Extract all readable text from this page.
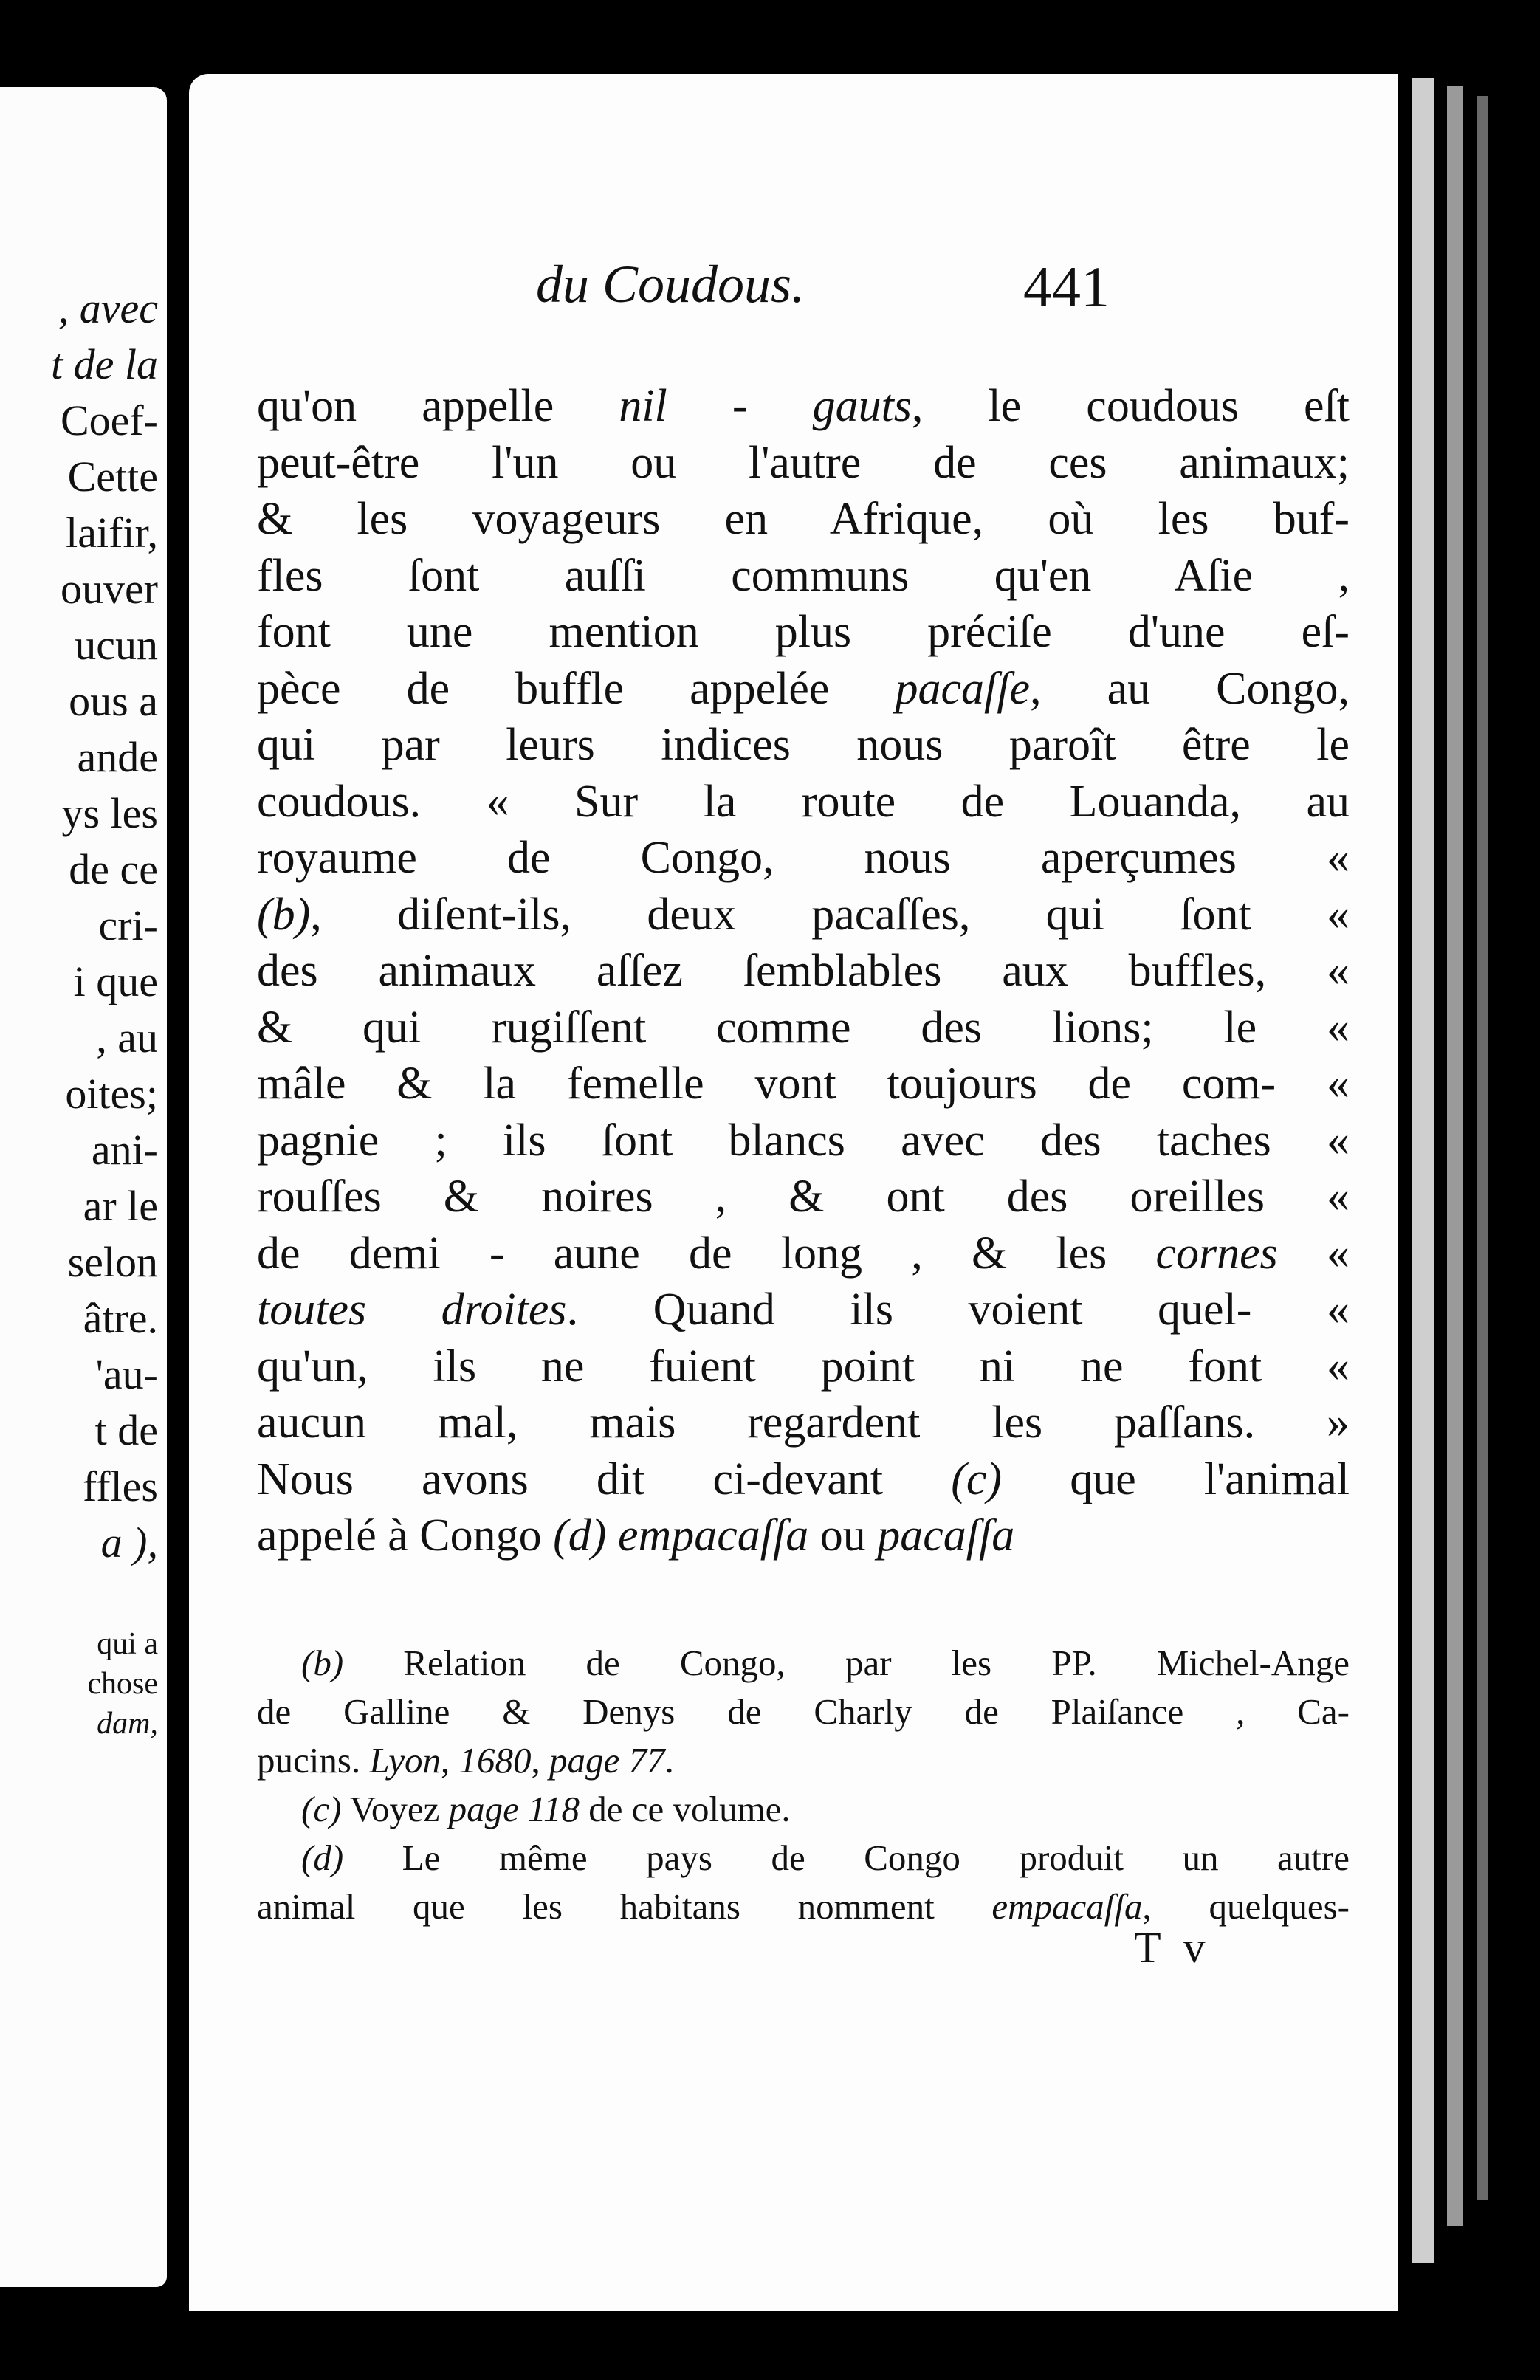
, avec
t de la
Coef-
Cette
laifir,
ouver
ucun
ous a
ande
ys les
de ce
cri-
i que
, au
oites;
ani-
ar le
selon
âtre.
'au-
t de
ffles
a ),
qui a
chose
dam,
du Coudous.	441
qu'on appelle nil - gauts, le coudous eſt
peut-être l'un ou l'autre de ces animaux;
& les voyageurs en Afrique, où les buf-
fles ſont auſſi communs qu'en Aſie ,
font une mention plus préciſe d'une eſ-
pèce de buffle appelée pacaſſe, au Congo,
qui par leurs indices nous paroît être le
coudous. « Sur la route de Louanda, au
royaume de Congo, nous aperçumes «
(b), diſent-ils, deux pacaſſes, qui ſont «
des animaux aſſez ſemblables aux buffles, «
& qui rugiſſent comme des lions; le «
mâle & la femelle vont toujours de com- «
pagnie ; ils ſont blancs avec des taches «
rouſſes & noires , & ont des oreilles «
de demi - aune de long , & les cornes «
toutes droites. Quand ils voient quel- «
qu'un, ils ne fuient point ni ne font «
aucun mal, mais regardent les paſſans. »
Nous avons dit ci-devant (c) que l'animal
appelé à Congo (d) empacaſſa ou pacaſſa
(b) Relation de Congo, par les PP. Michel-Ange
de Galline & Denys de Charly de Plaiſance , Ca-
pucins. Lyon, 1680, page 77.
(c) Voyez page 118 de ce volume.
(d) Le même pays de Congo produit un autre
animal que les habitans nomment empacaſſa, quelques-
T v
